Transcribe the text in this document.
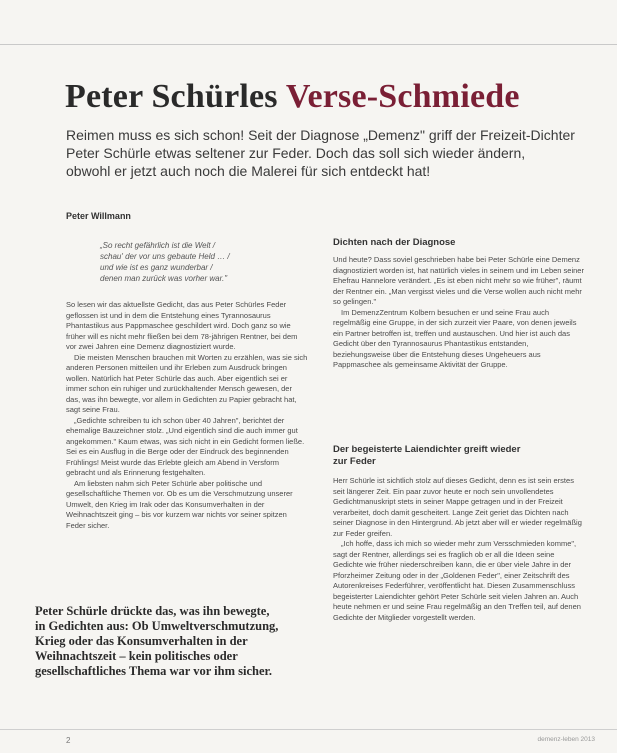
Peter Schürles Verse-Schmiede
Reimen muss es sich schon! Seit der Diagnose „Demenz" griff der Freizeit-Dichter
Peter Schürle etwas seltener zur Feder. Doch das soll sich wieder ändern,
obwohl er jetzt auch noch die Malerei für sich entdeckt hat!
Peter Willmann
„So recht gefährlich ist die Welt /
schau' der vor uns gebaute Held … /
und wie ist es ganz wunderbar /
denen man zurück was vorher war."

So lesen wir das aktuellste Gedicht, das aus Peter Schürles Feder geflossen ist und in dem die Entstehung eines Tyrannosaurus Phantastikus aus Pappmaschee geschildert wird. Doch ganz so wie früher will es nicht mehr fließen bei dem 78-jährigen Rentner, bei dem vor zwei Jahren eine Demenz diagnostiziert wurde.

Die meisten Menschen brauchen mit Worten zu erzählen, was sie sich anderen Personen mitteilen und ihr Erleben zum Ausdruck bringen wollen. Natürlich hat Peter Schürle das auch. Aber eigentlich sei er immer schon ein ruhiger und zurückhaltender Mensch gewesen, der das, was ihn bewegte, vor allem in Gedichten zu Papier gebracht hat, sagt seine Frau.

„Gedichte schreiben tu ich schon über 40 Jahren", berichtet der ehemalige Bauzeichner stolz. „Und eigentlich sind die auch immer gut angekommen." Kaum etwas, was sich nicht in ein Gedicht formen ließe. Sei es ein Ausflug in die Berge oder der Eindruck des beginnenden Frühlings! Meist wurde das Erlebte gleich am Abend in Versform gebracht und als Erinnerung festgehalten.

Am liebsten nahm sich Peter Schürle aber politische und gesellschaftliche Themen vor. Ob es um die Verschmutzung unserer Umwelt, den Krieg im Irak oder das Konsumverhalten in der Weihnachtszeit ging – bis vor kurzem war nichts vor seiner spitzen Feder sicher.

Dichten nach der Diagnose

Und heute? Dass soviel geschrieben habe bei Peter Schürle eine Demenz diagnostiziert worden ist, hat natürlich vieles in seinem und im Leben seiner Ehefrau Hannelore verändert. „Es ist eben nicht mehr so wie früher", räumt der Rentner ein. „Man vergisst vieles und die Verse wollen auch nicht mehr so gelingen."

Im DemenzZentrum Kolbern besuchen er und seine Frau auch regelmäßig eine Gruppe, in der sich zurzeit vier Paare, von denen jeweils ein Partner betroffen ist, treffen und austauschen. Und hier ist auch das Gedicht über den Tyrannosaurus Phantastikus entstanden, beziehungsweise über die Entstehung dieses Ungeheuers aus Pappmaschee als gemeinsame Aktivität der Gruppe.

Der begeisterte Laiendichter greift wieder
zur Feder

Herr Schürle ist sichtlich stolz auf dieses Gedicht, denn es ist sein erstes seit längerer Zeit. Ein paar zuvor heute er noch sein unvollendetes Gedichtmanuskript stets in seiner Mappe getragen und in der Freizeit verarbeitet, doch damit gescheitert. Lange Zeit geriet das Dichten nach seiner Diagnose in den Hintergrund. Ab jetzt aber will er wieder regelmäßig zur Feder greifen.

„Ich hoffe, dass ich mich so wieder mehr zum Versschmieden komme", sagt der Rentner, allerdings sei es fraglich ob er all die Ideen seine Gedichte wie früher niederschreiben kann, die er über viele Jahre in der Pforzheimer Zeitung oder in der „Goldenen Feder", einer Zeitschrift des Autorenkreises Federführer, veröffentlicht hat. Diesen Zusammenschluss begeisterter Laiendichter gehört Peter Schürle seit vielen Jahren an. Auch heute nehmen er und seine Frau regelmäßig an den Treffen teil, auf denen Gedichte der Mitglieder vorgestellt werden.

Peter Schürle drückte das, was ihn bewegte,
in Gedichten aus: Ob Umweltverschmutzung,
Krieg oder das Konsumverhalten in der
Weihnachtszeit – kein politisches oder
gesellschaftliches Thema war vor ihm sicher.
2	demenz-leben 2013
